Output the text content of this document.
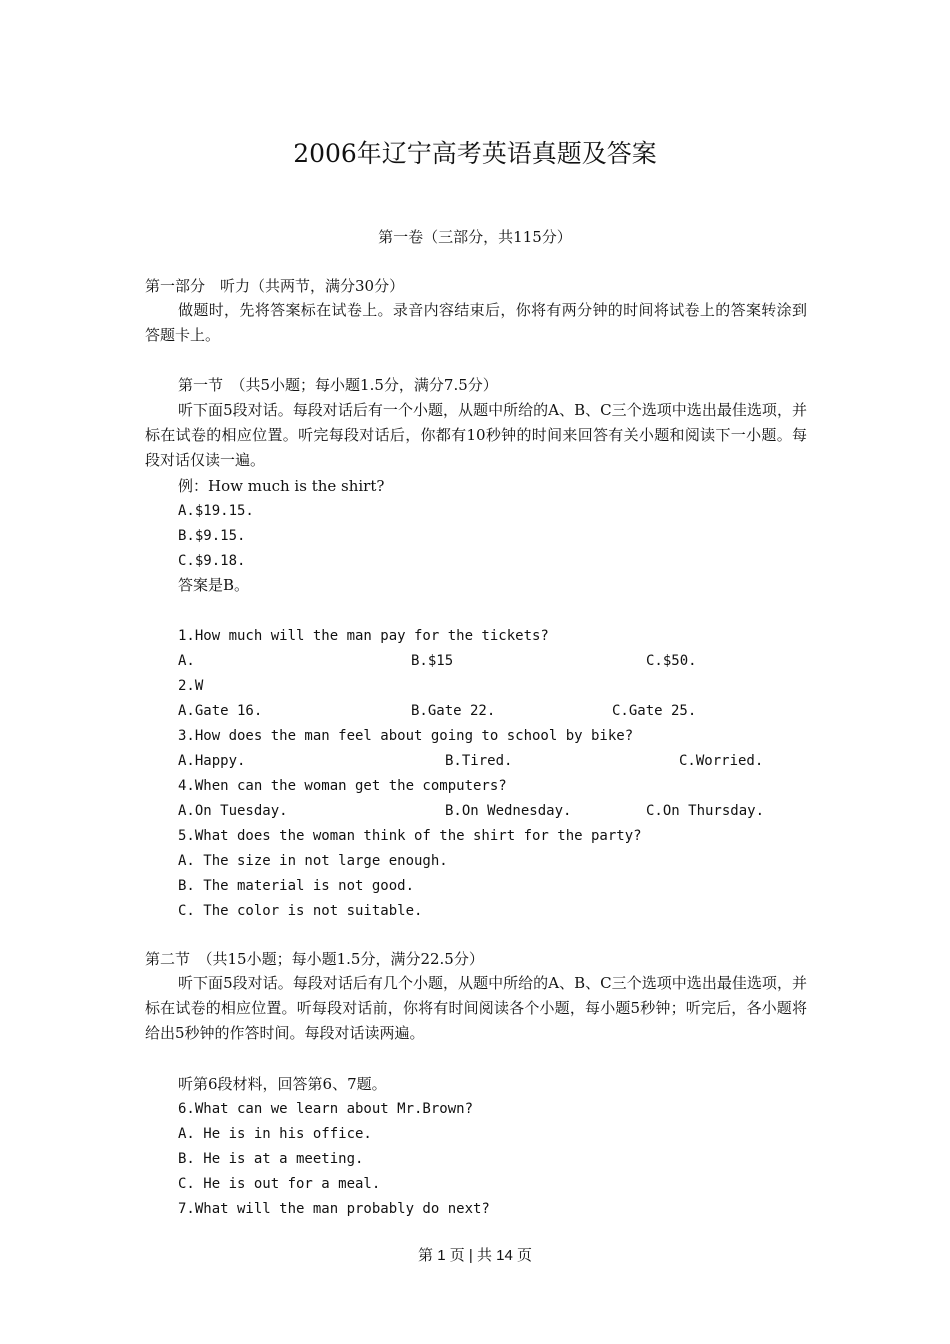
2006年辽宁高考英语真题及答案
第一卷（三部分，共115分）
第一部分　听力（共两节，满分30分）
做题时，先将答案标在试卷上。录音内容结束后，你将有两分钟的时间将试卷上的答案转涂到答题卡上。
第一节　（共5小题；每小题1.5分，满分7.5分）
听下面5段对话。每段对话后有一个小题，从题中所给的A、B、C三个选项中选出最佳选项，并标在试卷的相应位置。听完每段对话后，你都有10秒钟的时间来回答有关小题和阅读下一小题。每段对话仅读一遍。
例：How much is the shirt?
A.$19.15.
B.$9.15.
C.$9.18.
答案是B。
1.How much will the man pay for the tickets?
A.	B.$15	C.$50.
2.W
A.Gate 16.	B.Gate 22.	C.Gate 25.
3.How does the man feel about going to school by bike?
A.Happy.	B.Tired.	C.Worried.
4.When can the woman get the computers?
A.On Tuesday.	B.On Wednesday.	C.On Thursday.
5.What does the woman think of the shirt for the party?
A. The size in not large enough.
B. The material is not good.
C. The color is not suitable.
第二节　（共15小题；每小题1.5分，满分22.5分）
听下面5段对话。每段对话后有几个小题，从题中所给的A、B、C三个选项中选出最佳选项，并标在试卷的相应位置。听每段对话前，你将有时间阅读各个小题，每小题5秒钟；听完后，各小题将给出5秒钟的作答时间。每段对话读两遍。
听第6段材料，回答第6、7题。
6.What can we learn about Mr.Brown?
A. He is in his office.
B. He is at a meeting.
C. He is out for a meal.
7.What will the man probably do next?
第 1 页 | 共 14 页
